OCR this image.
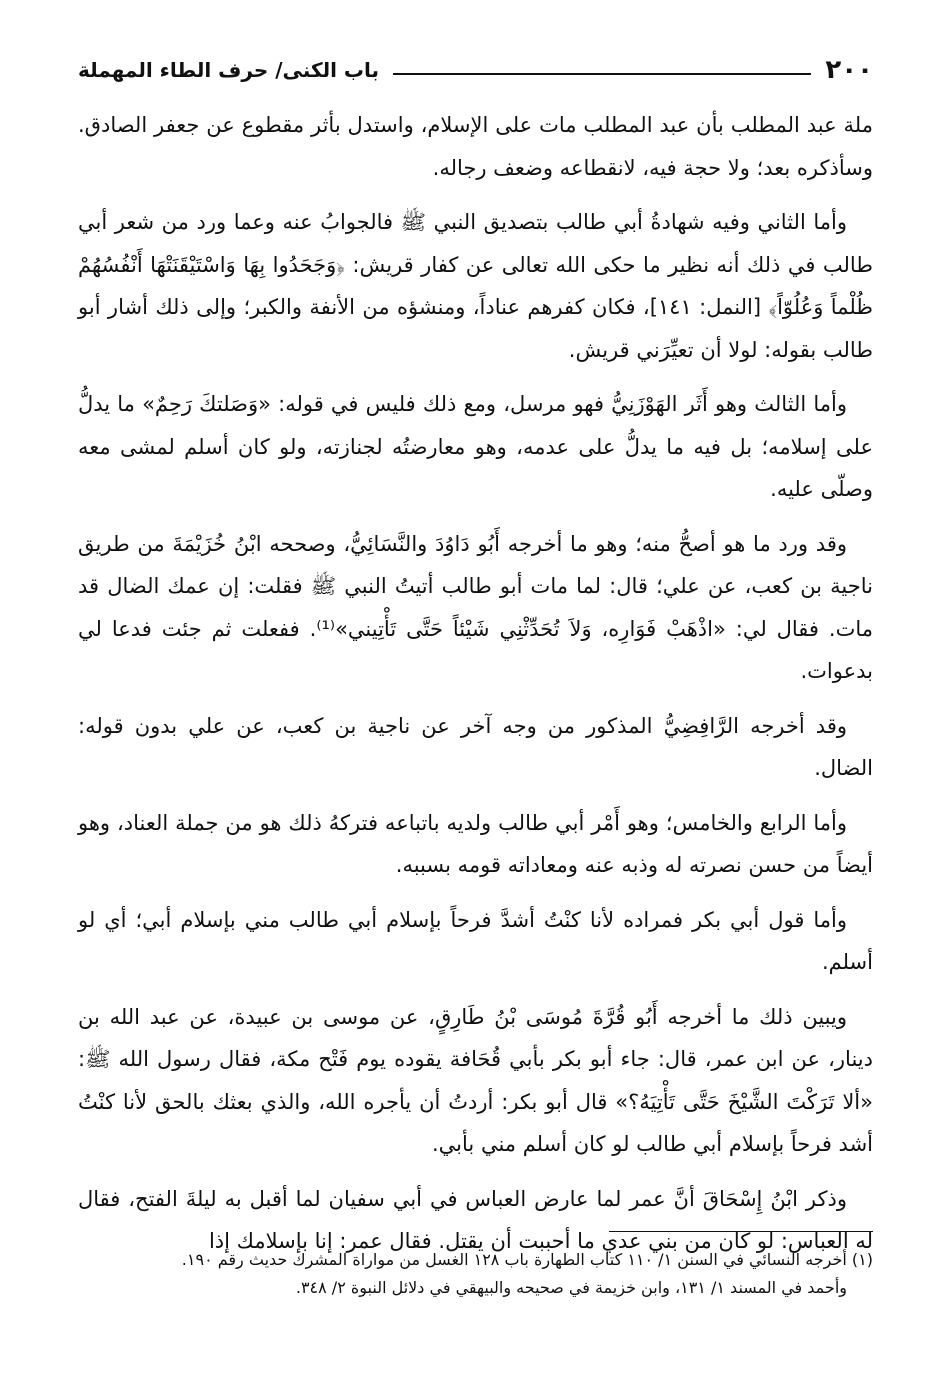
٢٠٠
باب الكنى/ حرف الطاء المهملة

ملة عبد المطلب بأن عبد المطلب مات على الإسلام، واستدل بأثر مقطوع عن جعفر الصادق. وسأذكره بعد؛ ولا حجة فيه، لانقطاعه وضعف رجاله.

وأما الثاني وفيه شهادةُ أبي طالب بتصديق النبي ﷺ فالجوابُ عنه وعما ورد من شعر أبي طالب في ذلك أنه نظير ما حكى الله تعالى عن كفار قريش: ﴿وَجَحَدُوا بِهَا وَاسْتَيْقَنَتْهَا أَنْفُسُهُمْ ظُلْماً وَعُلُوّاً﴾ [النمل: ١٤١]، فكان كفرهم عناداً، ومنشؤه من الأنفة والكبر؛ وإلى ذلك أشار أبو طالب بقوله: لولا أن تعيِّرَني قريش.

وأما الثالث وهو أَثَر الهَوْزَنِيُّ فهو مرسل، ومع ذلك فليس في قوله: «وَصَلتكَ رَحِمٌ» ما يدلُّ على إسلامه؛ بل فيه ما يدلُّ على عدمه، وهو معارضتُه لجنازته، ولو كان أسلم لمشى معه وصلّى عليه.

وقد ورد ما هو أصحُّ منه؛ وهو ما أخرجه أَبُو دَاوُدَ والنَّسَائِيُّ، وصححه ابْنُ خُزَيْمَةَ من طريق ناجية بن كعب، عن علي؛ قال: لما مات أبو طالب أتيتُ النبي ﷺ فقلت: إن عمك الضال قد مات. فقال لي: «اذْهَبْ فَوَارِه، وَلاَ تُحَدِّثْنِي شَيْئاً حَتَّى تَأْتِيني»⁽¹⁾. ففعلت ثم جئت فدعا لي بدعوات.

وقد أخرجه الرَّافِضِيُّ المذكور من وجه آخر عن ناجية بن كعب، عن علي بدون قوله: الضال.

وأما الرابع والخامس؛ وهو أَمْر أبي طالب ولديه باتباعه فتركهُ ذلك هو من جملة العناد، وهو أيضاً من حسن نصرته له وذبه عنه ومعاداته قومه بسببه.

وأما قول أبي بكر فمراده لأنا كنْتُ أشدَّ فرحاً بإسلام أبي طالب مني بإسلام أبي؛ أي لو أسلم.

ويبين ذلك ما أخرجه أَبُو قُرَّةَ مُوسَى بْنُ طَارِقٍ، عن موسى بن عبيدة، عن عبد الله بن دينار، عن ابن عمر، قال: جاء أبو بكر بأبي قُحَافة يقوده يوم فَتْح مكة، فقال رسول الله ﷺ: «ألا تَرَكْتَ الشَّيْخَ حَتَّى تَأْتِيَهُ؟» قال أبو بكر: أردتُ أن يأجره الله، والذي بعثك بالحق لأنا كنْتُ أشد فرحاً بإسلام أبي طالب لو كان أسلم مني بأبي.

وذكر ابْنُ إِسْحَاقَ أنَّ عمر لما عارض العباس في أبي سفيان لما أقبل به ليلةَ الفتح، فقال له العباس: لو كان من بني عدي ما أحببت أن يقتل. فقال عمر: إنا بإسلامك إذا

(١) أخرجه النسائي في السنن ١/ ١١٠ كتاب الطهارة باب ١٢٨ الغسل من مواراة المشرك حديث رقم ١٩٠.

وأحمد في المسند ١/ ١٣١، وابن خزيمة في صحيحه والبيهقي في دلائل النبوة ٢/ ٣٤٨.
